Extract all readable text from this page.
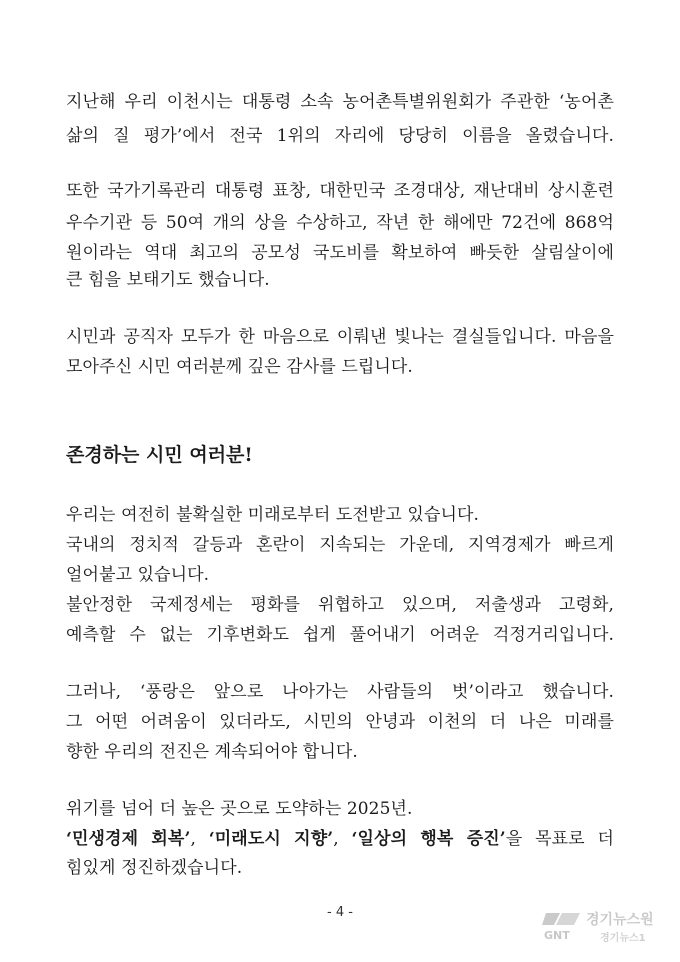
지난해 우리 이천시는 대통령 소속 농어촌특별위원회가 주관한 ‘농어촌
삶의 질 평가’에서 전국 1위의 자리에 당당히 이름을 올렸습니다.
또한 국가기록관리 대통령 표창, 대한민국 조경대상, 재난대비 상시훈련
우수기관 등 50여 개의 상을 수상하고, 작년 한 해에만 72건에 868억
원이라는 역대 최고의 공모성 국도비를 확보하여 빠듯한 살림살이에
큰 힘을 보태기도 했습니다.
시민과 공직자 모두가 한 마음으로 이뤄낸 빛나는 결실들입니다. 마음을
모아주신 시민 여러분께 깊은 감사를 드립니다.
존경하는 시민 여러분!
우리는 여전히 불확실한 미래로부터 도전받고 있습니다.
국내의 정치적 갈등과 혼란이 지속되는 가운데, 지역경제가 빠르게
얼어붙고 있습니다.
불안정한 국제정세는 평화를 위협하고 있으며, 저출생과 고령화,
예측할 수 없는 기후변화도 쉽게 풀어내기 어려운 걱정거리입니다.
그러나, ‘풍랑은 앞으로 나아가는 사람들의 벗’이라고 했습니다.
그 어떤 어려움이 있더라도, 시민의 안녕과 이천의 더 나은 미래를
향한 우리의 전진은 계속되어야 합니다.
위기를 넘어 더 높은 곳으로 도약하는 2025년.
‘민생경제 회복’, ‘미래도시 지향’, ‘일상의 행복 증진’을 목표로 더
힘있게 정진하겠습니다.
- 4 -
GNT
경기뉴스원
경기뉴스1
